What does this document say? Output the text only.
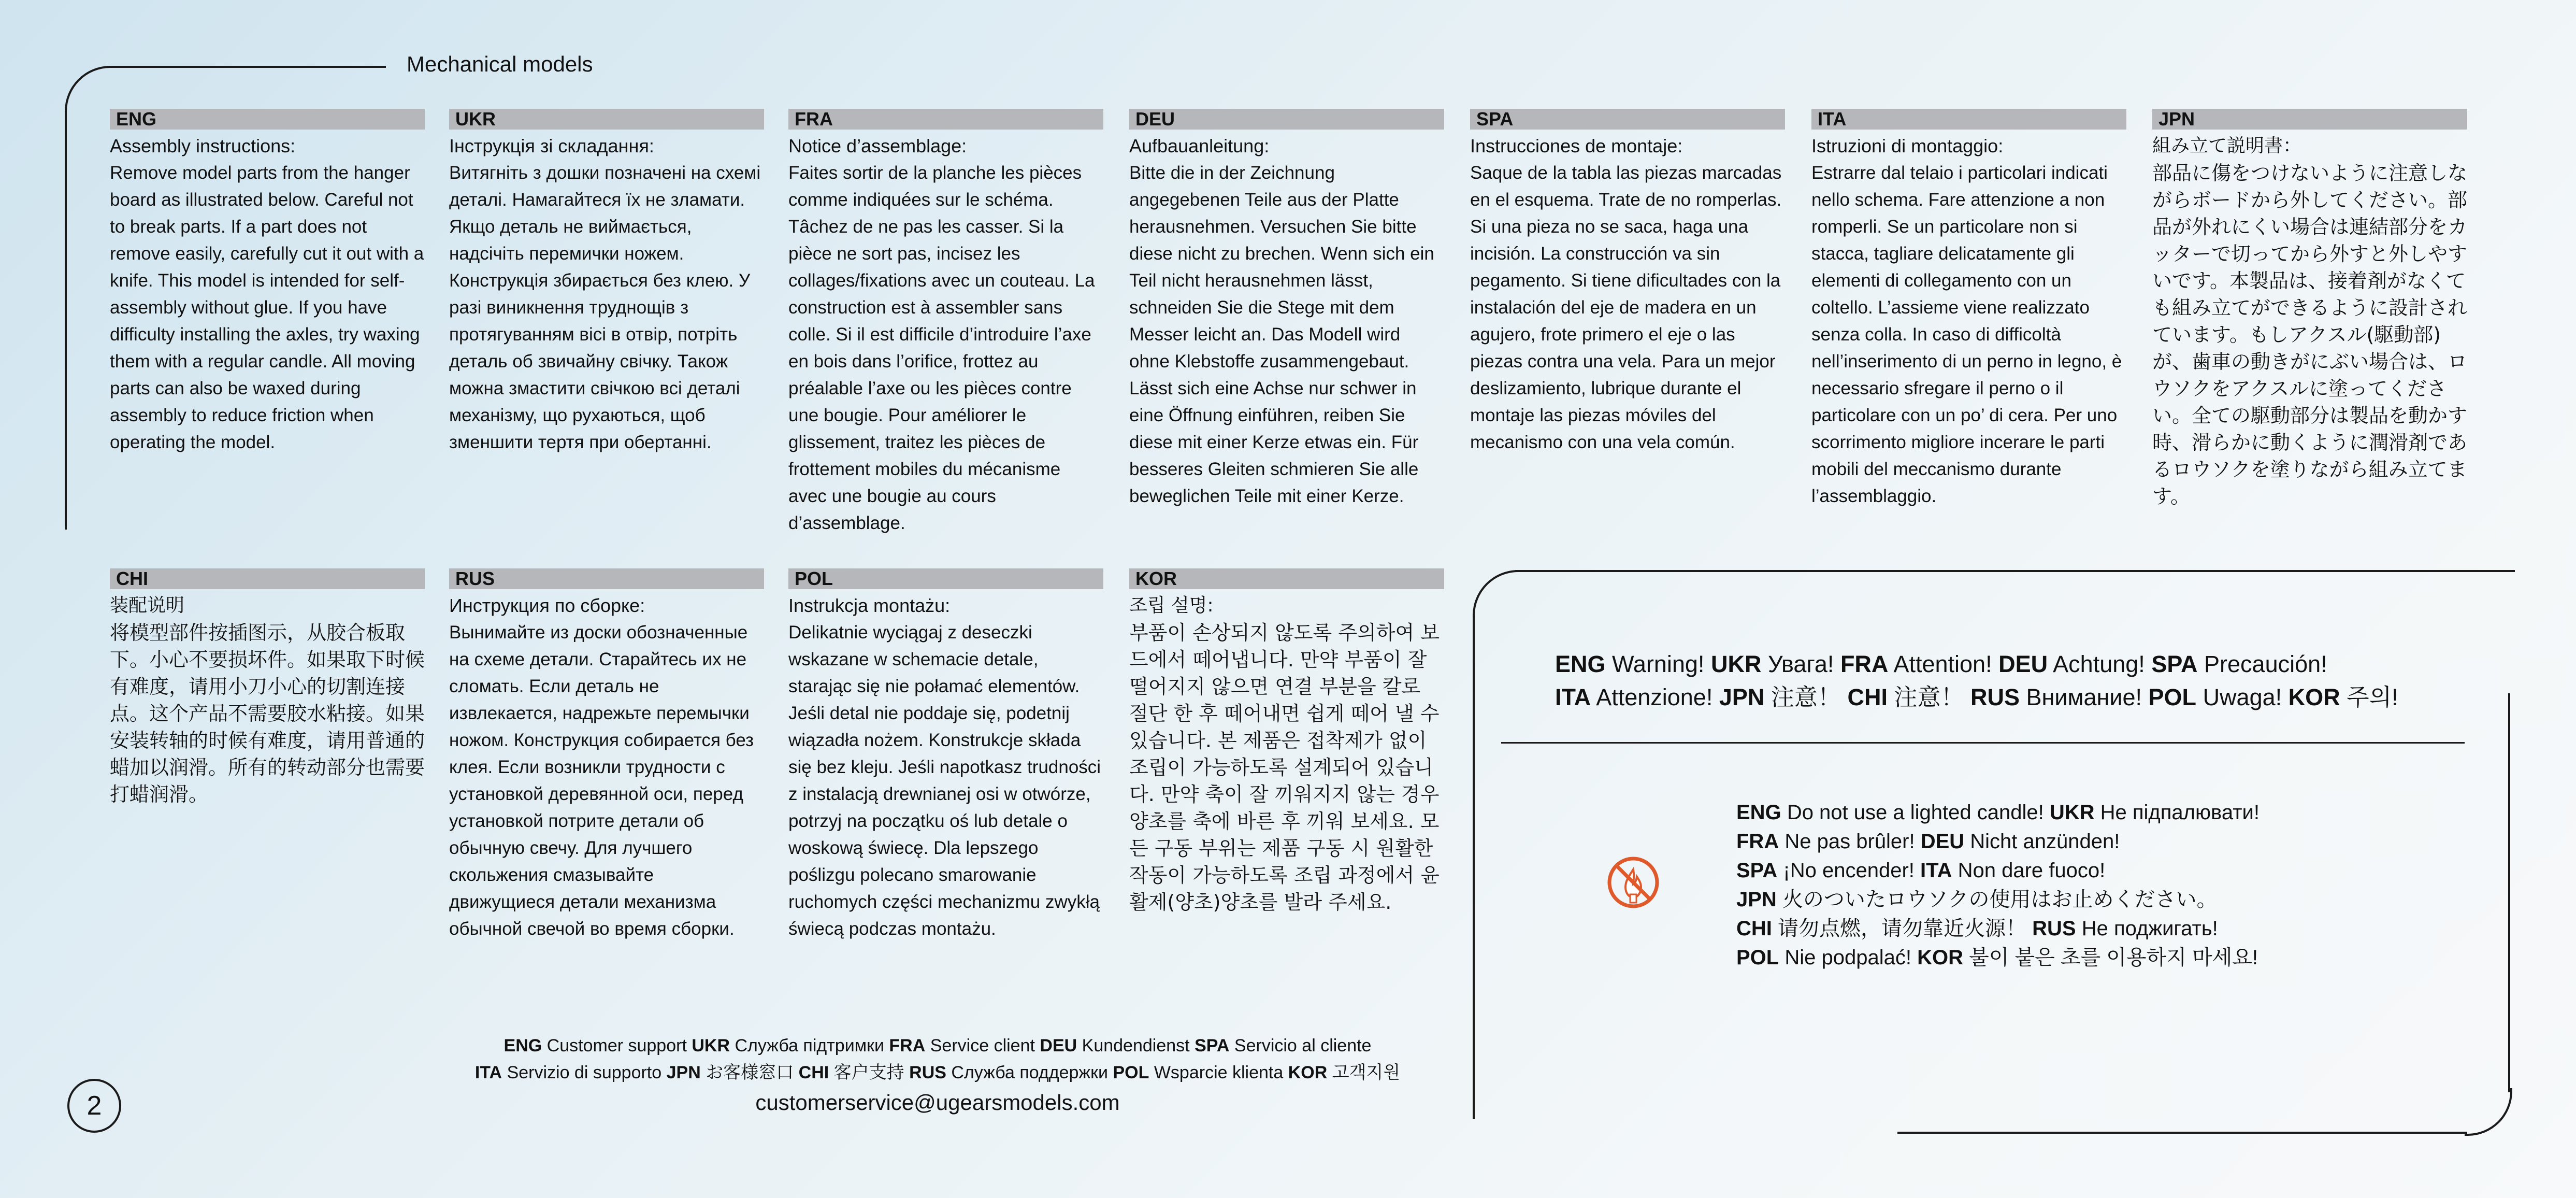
Mechanical models
ENG
Assembly instructions:
Remove model parts from the hanger board as illustrated below. Careful not to break parts. If a part does not remove easily, carefully cut it out with a knife. This model is intended for self-assembly without glue. If you have difficulty installing the axles, try waxing them with a regular candle. All moving parts can also be waxed during assembly to reduce friction when operating the model.
UKR
Інструкція зі складання:
Витягніть з дошки позначені на схемі деталі. Намагайтеся їх не зламати. Якщо деталь не виймається, надсічіть перемички ножем. Конструкція збирається без клею. У разі виникнення труднощів з протягуванням вісі в отвір, потріть деталь об звичайну свічку. Також можна змастити свічкою всі деталі механізму, що рухаються, щоб зменшити тертя при обертанні.
FRA
Notice d’assemblage:
Faites sortir de la planche les pièces comme indiquées sur le schéma. Tâchez de ne pas les casser. Si la pièce ne sort pas, incisez les collages/fixations avec un couteau. La construction est à assembler sans colle. Si il est difficile d’introduire l’axe en bois dans l’orifice, frottez au préalable l’axe ou les pièces contre une bougie. Pour améliorer le glissement, traitez les pièces de frottement mobiles du mécanisme avec une bougie au cours d’assemblage.
DEU
Aufbauanleitung:
Bitte die in der Zeichnung angegebenen Teile aus der Platte herausnehmen. Versuchen Sie bitte diese nicht zu brechen. Wenn sich ein Teil nicht herausnehmen lässt, schneiden Sie die Stege mit dem Messer leicht an. Das Modell wird ohne Klebstoffe zusammengebaut. Lässt sich eine Achse nur schwer in eine Öffnung einführen, reiben Sie diese mit einer Kerze etwas ein. Für besseres Gleiten schmieren Sie alle beweglichen Teile mit einer Kerze.
SPA
Instrucciones de montaje:
Saque de la tabla las piezas marcadas en el esquema. Trate de no romperlas. Si una pieza no se saca, haga una incisión. La construcción va sin pegamento. Si tiene dificultades con la instalación del eje de madera en un agujero, frote primero el eje o las piezas contra una vela. Para un mejor deslizamiento, lubrique durante el montaje las piezas móviles del mecanismo con una vela común.
ITA
Istruzioni di montaggio:
Estrarre dal telaio i particolari indicati nello schema. Fare attenzione a non romperli. Se un particolare non si stacca, tagliare delicatamente gli elementi di collegamento con un coltello. L’assieme viene realizzato senza colla. In caso di difficoltà nell’inserimento di un perno in legno, è necessario sfregare il perno o il particolare con un po’ di cera. Per uno scorrimento migliore incerare le parti mobili del meccanismo durante l’assemblaggio.
JPN
組み立て説明書：
部品に傷をつけないように注意しながらボードから外してください。部品が外れにくい場合は連結部分をカッターで切ってから外すと外しやすいです。本製品は、接着剤がなくても組み立てができるように設計されています。もしアクスル(駆動部)が、歯車の動きがにぶい場合は、ロウソクをアクスルに塗ってください。全ての駆動部分は製品を動かす時、滑らかに動くように潤滑剤であるロウソクを塗りながら組み立てます。
CHI
装配说明
将模型部件按插图示，从胶合板取下。小心不要损坏件。如果取下时候有难度，请用小刀小心的切割连接点。这个产品不需要胶水粘接。如果安装转轴的时候有难度，请用普通的蜡加以润滑。所有的转动部分也需要打蜡润滑。
RUS
Инструкция по сборке:
Вынимайте из доски обозначенные на схеме детали. Старайтесь их не сломать. Если деталь не извлекается, надрежьте перемычки ножом. Конструкция собирается без клея. Если возникли трудности с установкой деревянной оси, перед установкой потрите детали об обычную свечу. Для лучшего скольжения смазывайте движущиеся детали механизма обычной свечой во время сборки.
POL
Instrukcja montażu:
Delikatnie wyciągaj z deseczki wskazane w schemacie detale, starając się nie połamać elementów. Jeśli detal nie poddaje się, podetnij wiązadła nożem. Konstrukcje składa się bez kleju. Jeśli napotkasz trudności z instalacją drewnianej osi w otwórze, potrzyj na początku oś lub detale o woskową świecę. Dla lepszego poślizgu polecano smarowanie ruchomych części mechanizmu zwykłą świecą podczas montażu.
KOR
조립 설명:
부품이 손상되지 않도록 주의하여 보드에서 떼어냅니다. 만약 부품이 잘 떨어지지 않으면 연결 부분을 칼로 절단 한 후 떼어내면 쉽게 떼어 낼 수 있습니다. 본 제품은 접착제가 없이 조립이 가능하도록 설계되어 있습니다. 만약 축이 잘 끼워지지 않는 경우 양초를 축에 바른 후 끼워 보세요. 모든 구동 부위는 제품 구동 시 원활한 작동이 가능하도록 조립 과정에서 윤활제(양초)양초를 발라 주세요.
ENG Warning! UKR Увага! FRA Attention! DEU Achtung! SPA Precaución!
ITA Attenzione! JPN 注意！ CHI 注意！ RUS Внимание! POL Uwaga! KOR 주의!
ENG Do not use a lighted candle! UKR Не підпалювати!
FRA Ne pas brûler! DEU Nicht anzünden!
SPA ¡No encender! ITA Non dare fuoco!
JPN 火のついたロウソクの使用はお止めください。
CHI 请勿点燃，请勿靠近火源！ RUS Не поджигать!
POL Nie podpalać! KOR 불이 붙은 초를 이용하지 마세요!
ENG Customer support UKR Служба підтримки FRA Service client DEU Kundendienst SPA Servicio al cliente
ITA Servizio di supporto JPN お客様窓口 CHI 客户支持 RUS Служба поддержки POL Wsparcie klienta KOR 고객지원
customerservice@ugearsmodels.com
2
